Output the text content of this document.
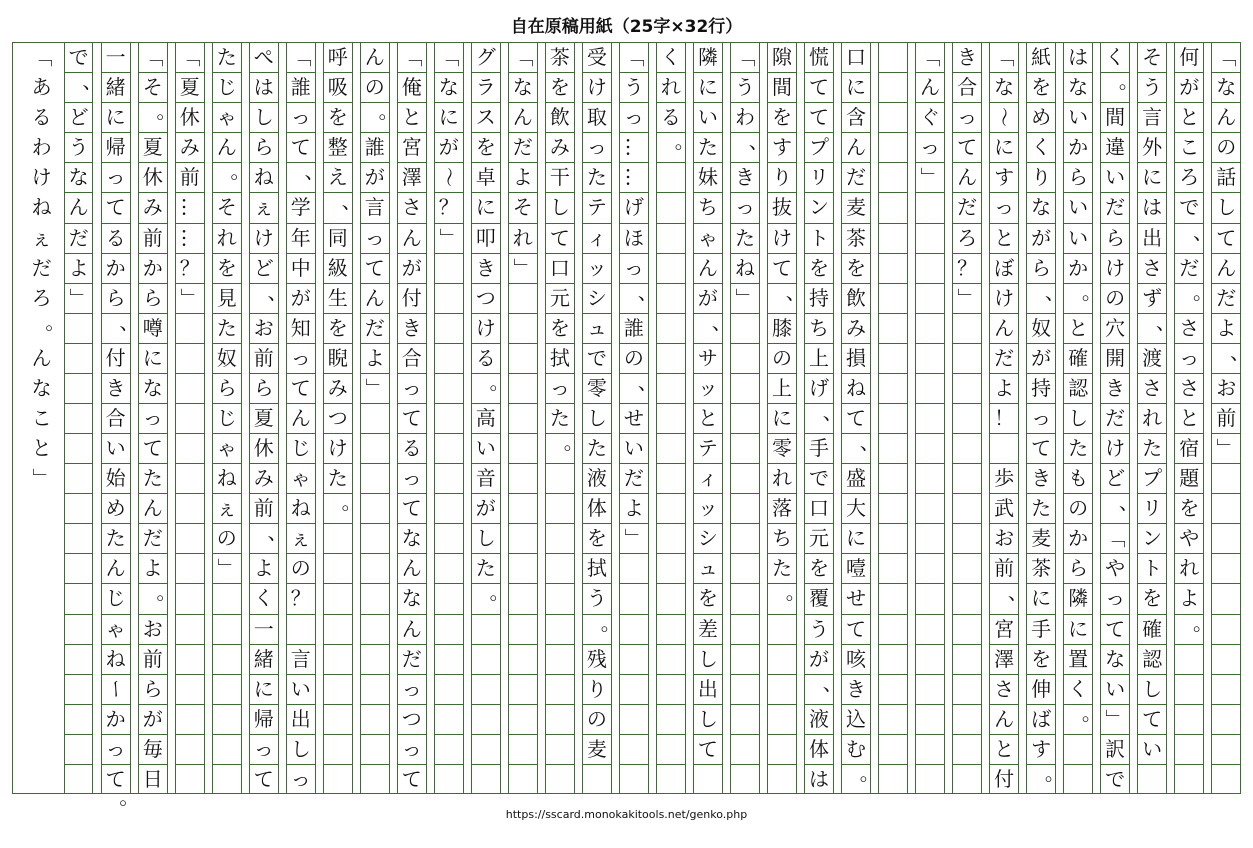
自在原稿用紙（25字×32行）
「
な
ん
の
話
し
て
ん
だ
よ
、
お
前
」
何
が
と
こ
ろ
で
、
だ
。
さ
っ
さ
と
宿
題
を
や
れ
よ
。
そ
う
言
外
に
は
出
さ
ず
、
渡
さ
れ
た
プ
リ
ン
ト
を
確
認
し
て
い
く
。
間
違
い
だ
ら
け
の
穴
開
き
だ
け
ど
、
「
や
っ
て
な
い
」
訳
で
は
な
い
か
ら
い
い
か
。
と
確
認
し
た
も
の
か
ら
隣
に
置
く
。
紙
を
め
く
り
な
が
ら
、
奴
が
持
っ
て
き
た
麦
茶
に
手
を
伸
ば
す
。
「
な
～
に
す
っ
と
ぼ
け
ん
だ
よ
！

歩
武
お
前
、
宮
澤
さ
ん
と
付
き
合
っ
て
ん
だ
ろ
？
」
「
ん
ぐ
っ
」
口
に
含
ん
だ
麦
茶
を
飲
み
損
ね
て
、
盛
大
に
噎
せ
て
咳
き
込
む
。
慌
て
て
プ
リ
ン
ト
を
持
ち
上
げ
、
手
で
口
元
を
覆
う
が
、
液
体
は
隙
間
を
す
り
抜
け
て
、
膝
の
上
に
零
れ
落
ち
た
。
「
う
わ
、
き
っ
た
ね
」
隣
に
い
た
妹
ち
ゃ
ん
が
、
サ
ッ
と
テ
ィ
ッ
シ
ュ
を
差
し
出
し
て
く
れ
る
。
「
う
っ
…
…
げ
ほ
っ
、
誰
の
、
せ
い
だ
よ
」
受
け
取
っ
た
テ
ィ
ッ
シ
ュ
で
零
し
た
液
体
を
拭
う
。
残
り
の
麦
茶
を
飲
み
干
し
て
口
元
を
拭
っ
た
。
「
な
ん
だ
よ
そ
れ
」
グ
ラ
ス
を
卓
に
叩
き
つ
け
る
。
高
い
音
が
し
た
。
「
な
に
が
～
？
」
「
俺
と
宮
澤
さ
ん
が
付
き
合
っ
て
る
っ
て
な
ん
な
ん
だ
っ
つ
っ
て
ん
の
。
誰
が
言
っ
て
ん
だ
よ
」
呼
吸
を
整
え
、
同
級
生
を
睨
み
つ
け
た
。
「
誰
っ
て
、
学
年
中
が
知
っ
て
ん
じ
ゃ
ね
ぇ
の
？

言
い
出
し
っ
ぺ
は
し
ら
ね
ぇ
け
ど
、
お
前
ら
夏
休
み
前
、
よ
く
一
緒
に
帰
っ
て
た
じ
ゃ
ん
。
そ
れ
を
見
た
奴
ら
じ
ゃ
ね
ぇ
の
」
「
夏
休
み
前
…
…
？
」
「
そ
。
夏
休
み
前
か
ら
噂
に
な
っ
て
た
ん
だ
よ
。
お
前
ら
が
毎
日
一
緒
に
帰
っ
て
る
か
ら
、
付
き
合
い
始
め
た
ん
じ
ゃ
ね
ー
か
っ
て
。
で
、
ど
う
な
ん
だ
よ
」
「
あ
る
わ
け
ね
ぇ
だ
ろ
。
ん
な
こ
と
」
https://sscard.monokakitools.net/genko.php
